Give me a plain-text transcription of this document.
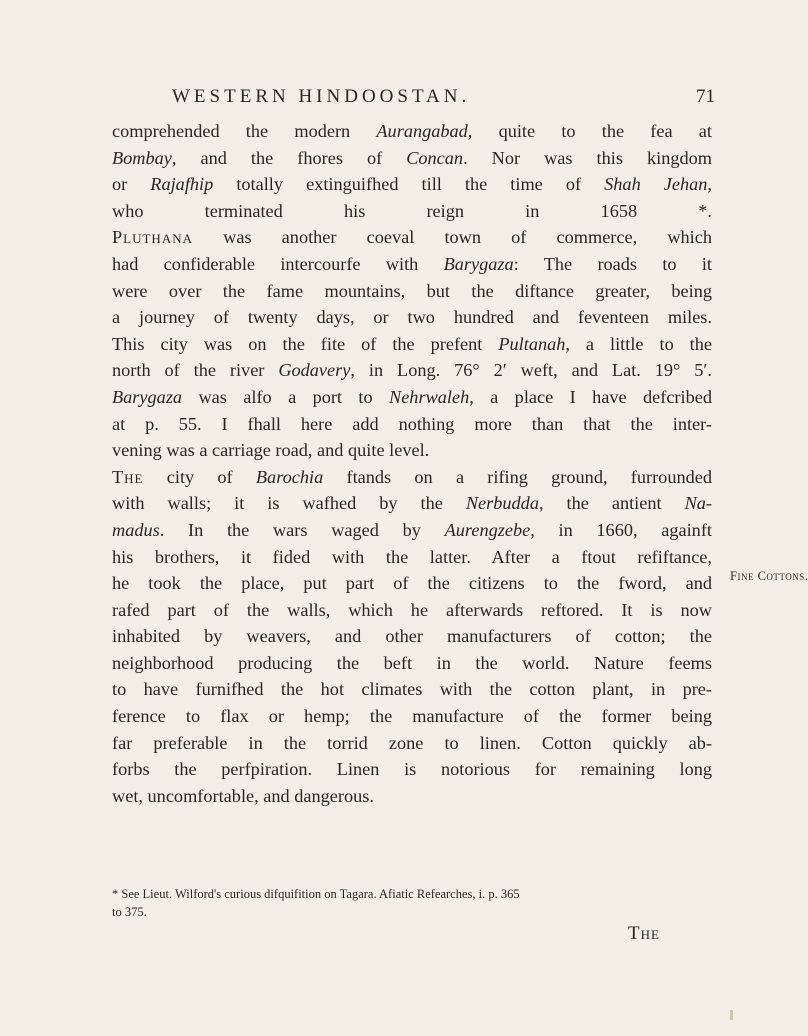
WESTERN HINDOOSTAN.	71
comprehended the modern Aurangabad, quite to the fea at
Bombay, and the fhores of Concan. Nor was this kingdom
or Rajafhip totally extinguifhed till the time of Shah Jehan,
who terminated his reign in 1658 *.
Pluthana was another coeval town of commerce, which
had confiderable intercourfe with Barygaza: The roads to it
were over the fame mountains, but the diftance greater, being
a journey of twenty days, or two hundred and feventeen miles.
This city was on the fite of the prefent Pultanah, a little to the
north of the river Godavery, in Long. 76° 2′ weft, and Lat. 19° 5′.
Barygaza was alfo a port to Nehrwaleh, a place I have defcribed
at p. 55. I fhall here add nothing more than that the inter-
vening was a carriage road, and quite level.
The city of Barochia ftands on a rifing ground, furrounded
with walls; it is wafhed by the Nerbudda, the antient Na-
madus. In the wars waged by Aurengzebe, in 1660, againft
his brothers, it fided with the latter. After a ftout refiftance,
he took the place, put part of the citizens to the fword, and
rafed part of the walls, which he afterwards reftored. It is now
inhabited by weavers, and other manufacturers of cotton; the
neighborhood producing the beft in the world. Nature feems
to have furnifhed the hot climates with the cotton plant, in pre-
ference to flax or hemp; the manufacture of the former being
far preferable in the torrid zone to linen. Cotton quickly ab-
forbs the perfpiration. Linen is notorious for remaining long
wet, uncomfortable, and dangerous.
Fine Cottons.
* See Lieut. Wilford's curious difquifition on Tagara. Afiatic Refearches, i. p. 365
to 375.
The
